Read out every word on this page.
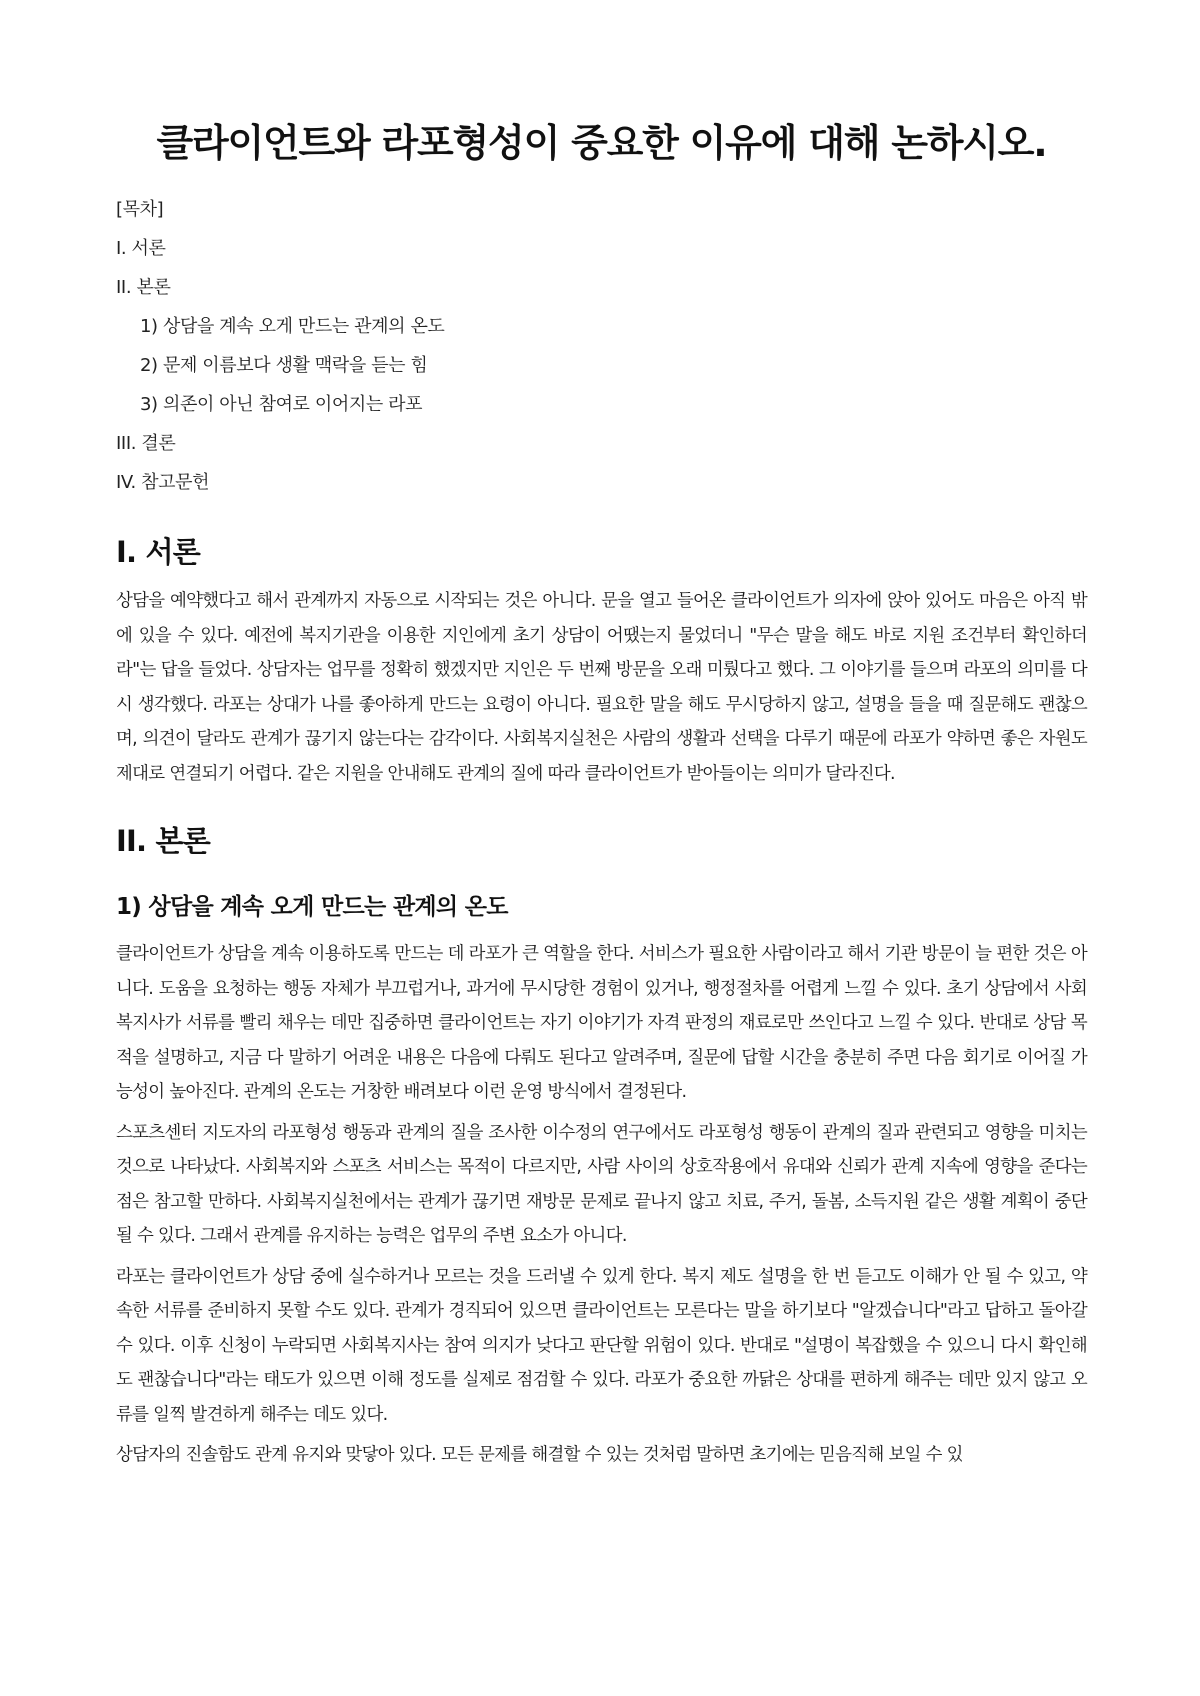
클라이언트와 라포형성이 중요한 이유에 대해 논하시오.
[목차]
I. 서론
II. 본론
1) 상담을 계속 오게 만드는 관계의 온도
2) 문제 이름보다 생활 맥락을 듣는 힘
3) 의존이 아닌 참여로 이어지는 라포
III. 결론
IV. 참고문헌
I. 서론

상담을 예약했다고 해서 관계까지 자동으로 시작되는 것은 아니다. 문을 열고 들어온 클라이언트가 의자에 앉아 있어도 마음은 아직 밖에 있을 수 있다. 예전에 복지기관을 이용한 지인에게 초기 상담이 어땠는지 물었더니 "무슨 말을 해도 바로 지원 조건부터 확인하더라"는 답을 들었다. 상담자는 업무를 정확히 했겠지만 지인은 두 번째 방문을 오래 미뤘다고 했다. 그 이야기를 들으며 라포의 의미를 다시 생각했다. 라포는 상대가 나를 좋아하게 만드는 요령이 아니다. 필요한 말을 해도 무시당하지 않고, 설명을 들을 때 질문해도 괜찮으며, 의견이 달라도 관계가 끊기지 않는다는 감각이다. 사회복지실천은 사람의 생활과 선택을 다루기 때문에 라포가 약하면 좋은 자원도 제대로 연결되기 어렵다. 같은 지원을 안내해도 관계의 질에 따라 클라이언트가 받아들이는 의미가 달라진다.

II. 본론
1) 상담을 계속 오게 만드는 관계의 온도

클라이언트가 상담을 계속 이용하도록 만드는 데 라포가 큰 역할을 한다. 서비스가 필요한 사람이라고 해서 기관 방문이 늘 편한 것은 아니다. 도움을 요청하는 행동 자체가 부끄럽거나, 과거에 무시당한 경험이 있거나, 행정절차를 어렵게 느낄 수 있다. 초기 상담에서 사회복지사가 서류를 빨리 채우는 데만 집중하면 클라이언트는 자기 이야기가 자격 판정의 재료로만 쓰인다고 느낄 수 있다. 반대로 상담 목적을 설명하고, 지금 다 말하기 어려운 내용은 다음에 다뤄도 된다고 알려주며, 질문에 답할 시간을 충분히 주면 다음 회기로 이어질 가능성이 높아진다. 관계의 온도는 거창한 배려보다 이런 운영 방식에서 결정된다.

스포츠센터 지도자의 라포형성 행동과 관계의 질을 조사한 이수정의 연구에서도 라포형성 행동이 관계의 질과 관련되고 영향을 미치는 것으로 나타났다. 사회복지와 스포츠 서비스는 목적이 다르지만, 사람 사이의 상호작용에서 유대와 신뢰가 관계 지속에 영향을 준다는 점은 참고할 만하다. 사회복지실천에서는 관계가 끊기면 재방문 문제로 끝나지 않고 치료, 주거, 돌봄, 소득지원 같은 생활 계획이 중단될 수 있다. 그래서 관계를 유지하는 능력은 업무의 주변 요소가 아니다.

라포는 클라이언트가 상담 중에 실수하거나 모르는 것을 드러낼 수 있게 한다. 복지 제도 설명을 한 번 듣고도 이해가 안 될 수 있고, 약속한 서류를 준비하지 못할 수도 있다. 관계가 경직되어 있으면 클라이언트는 모른다는 말을 하기보다 "알겠습니다"라고 답하고 돌아갈 수 있다. 이후 신청이 누락되면 사회복지사는 참여 의지가 낮다고 판단할 위험이 있다. 반대로 "설명이 복잡했을 수 있으니 다시 확인해도 괜찮습니다"라는 태도가 있으면 이해 정도를 실제로 점검할 수 있다. 라포가 중요한 까닭은 상대를 편하게 해주는 데만 있지 않고 오류를 일찍 발견하게 해주는 데도 있다.

상담자의 진솔함도 관계 유지와 맞닿아 있다. 모든 문제를 해결할 수 있는 것처럼 말하면 초기에는 믿음직해 보일 수 있
